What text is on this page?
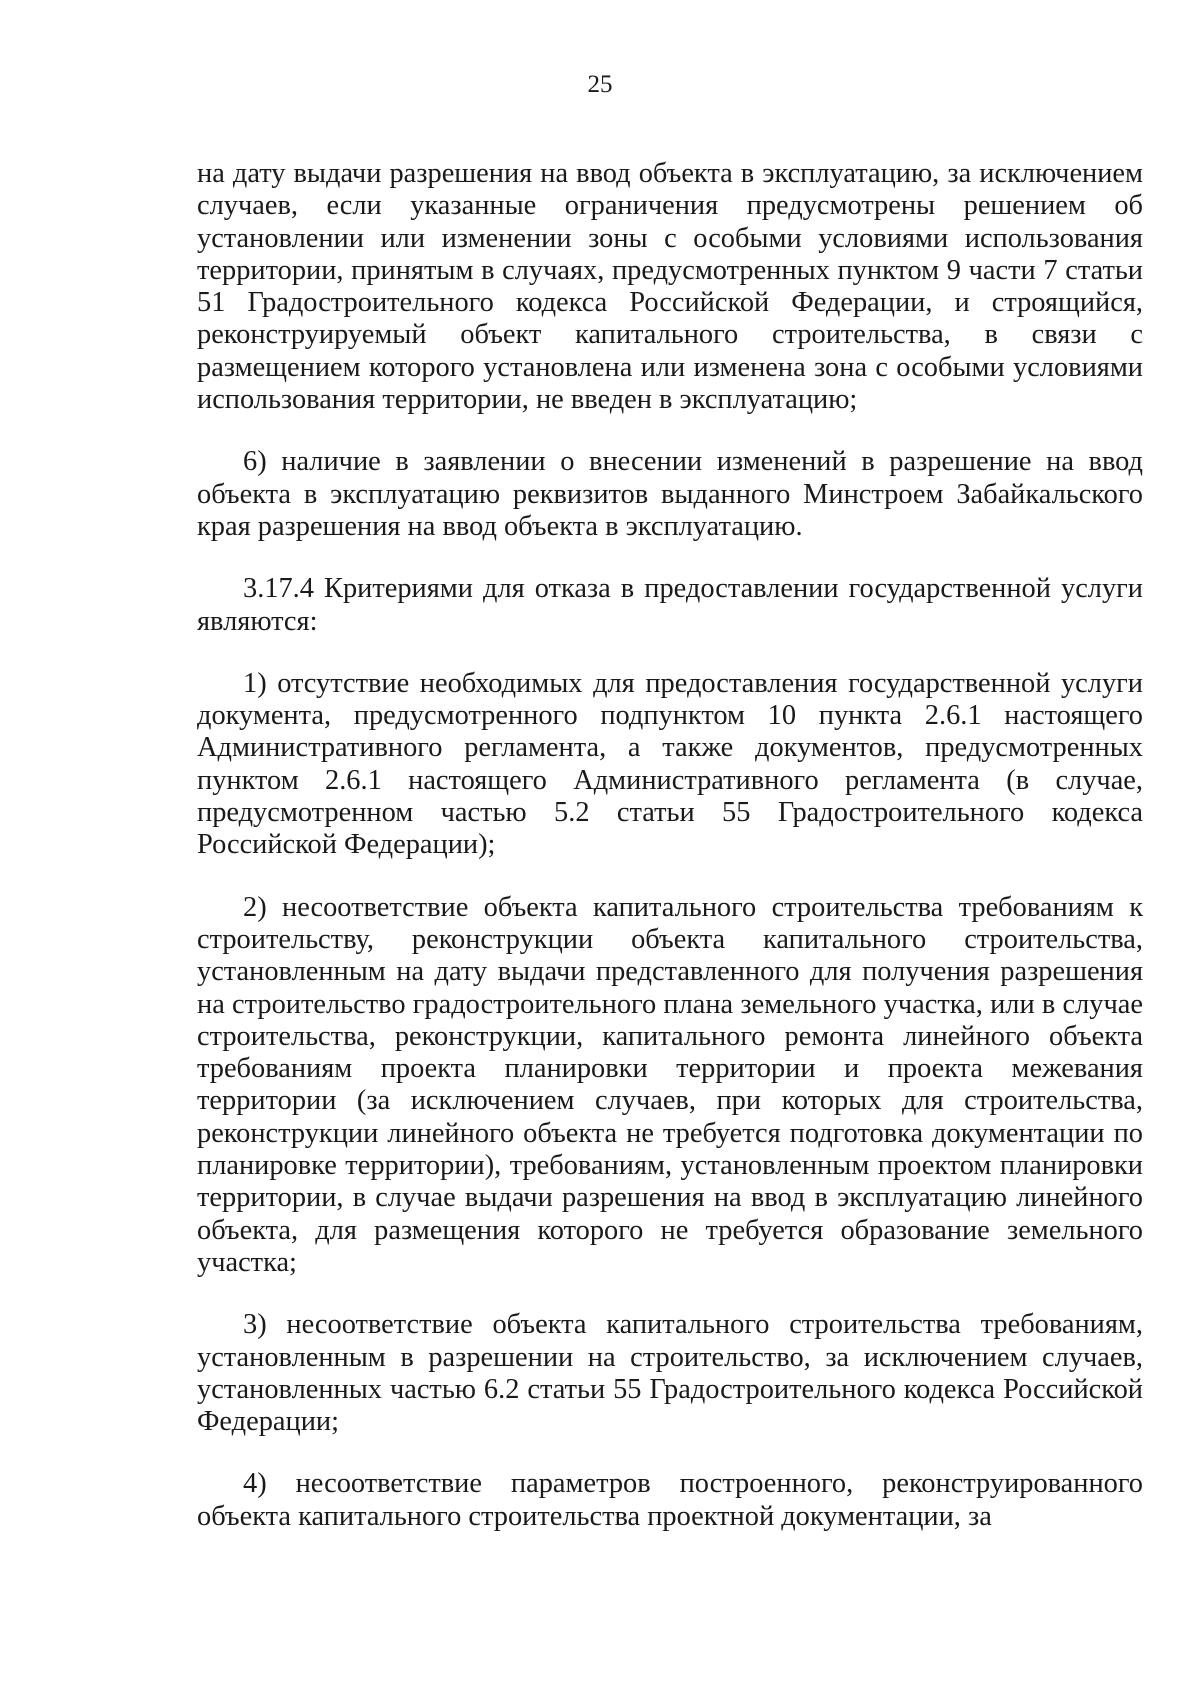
25

на дату выдачи разрешения на ввод объекта в эксплуатацию, за исключением случаев, если указанные ограничения предусмотрены решением об установлении или изменении зоны с особыми условиями использования территории, принятым в случаях, предусмотренных пунктом 9 части 7 статьи 51 Градостроительного кодекса Российской Федерации, и строящийся, реконструируемый объект капитального строительства, в связи с размещением которого установлена или изменена зона с особыми условиями использования территории, не введен в эксплуатацию;

6) наличие в заявлении о внесении изменений в разрешение на ввод объекта в эксплуатацию реквизитов выданного Минстроем Забайкальского края разрешения на ввод объекта в эксплуатацию.

3.17.4 Критериями для отказа в предоставлении государственной услуги являются:

1) отсутствие необходимых для предоставления государственной услуги документа, предусмотренного подпунктом 10 пункта 2.6.1 настоящего Административного регламента, а также документов, предусмотренных пунктом 2.6.1 настоящего Административного регламента (в случае, предусмотренном частью 5.2 статьи 55 Градостроительного кодекса Российской Федерации);

2) несоответствие объекта капитального строительства требованиям к строительству, реконструкции объекта капитального строительства, установленным на дату выдачи представленного для получения разрешения на строительство градостроительного плана земельного участка, или в случае строительства, реконструкции, капитального ремонта линейного объекта требованиям проекта планировки территории и проекта межевания территории (за исключением случаев, при которых для строительства, реконструкции линейного объекта не требуется подготовка документации по планировке территории), требованиям, установленным проектом планировки территории, в случае выдачи разрешения на ввод в эксплуатацию линейного объекта, для размещения которого не требуется образование земельного участка;

3) несоответствие объекта капитального строительства требованиям, установленным в разрешении на строительство, за исключением случаев, установленных частью 6.2 статьи 55 Градостроительного кодекса Российской Федерации;

4) несоответствие параметров построенного, реконструированного объекта капитального строительства проектной документации, за
